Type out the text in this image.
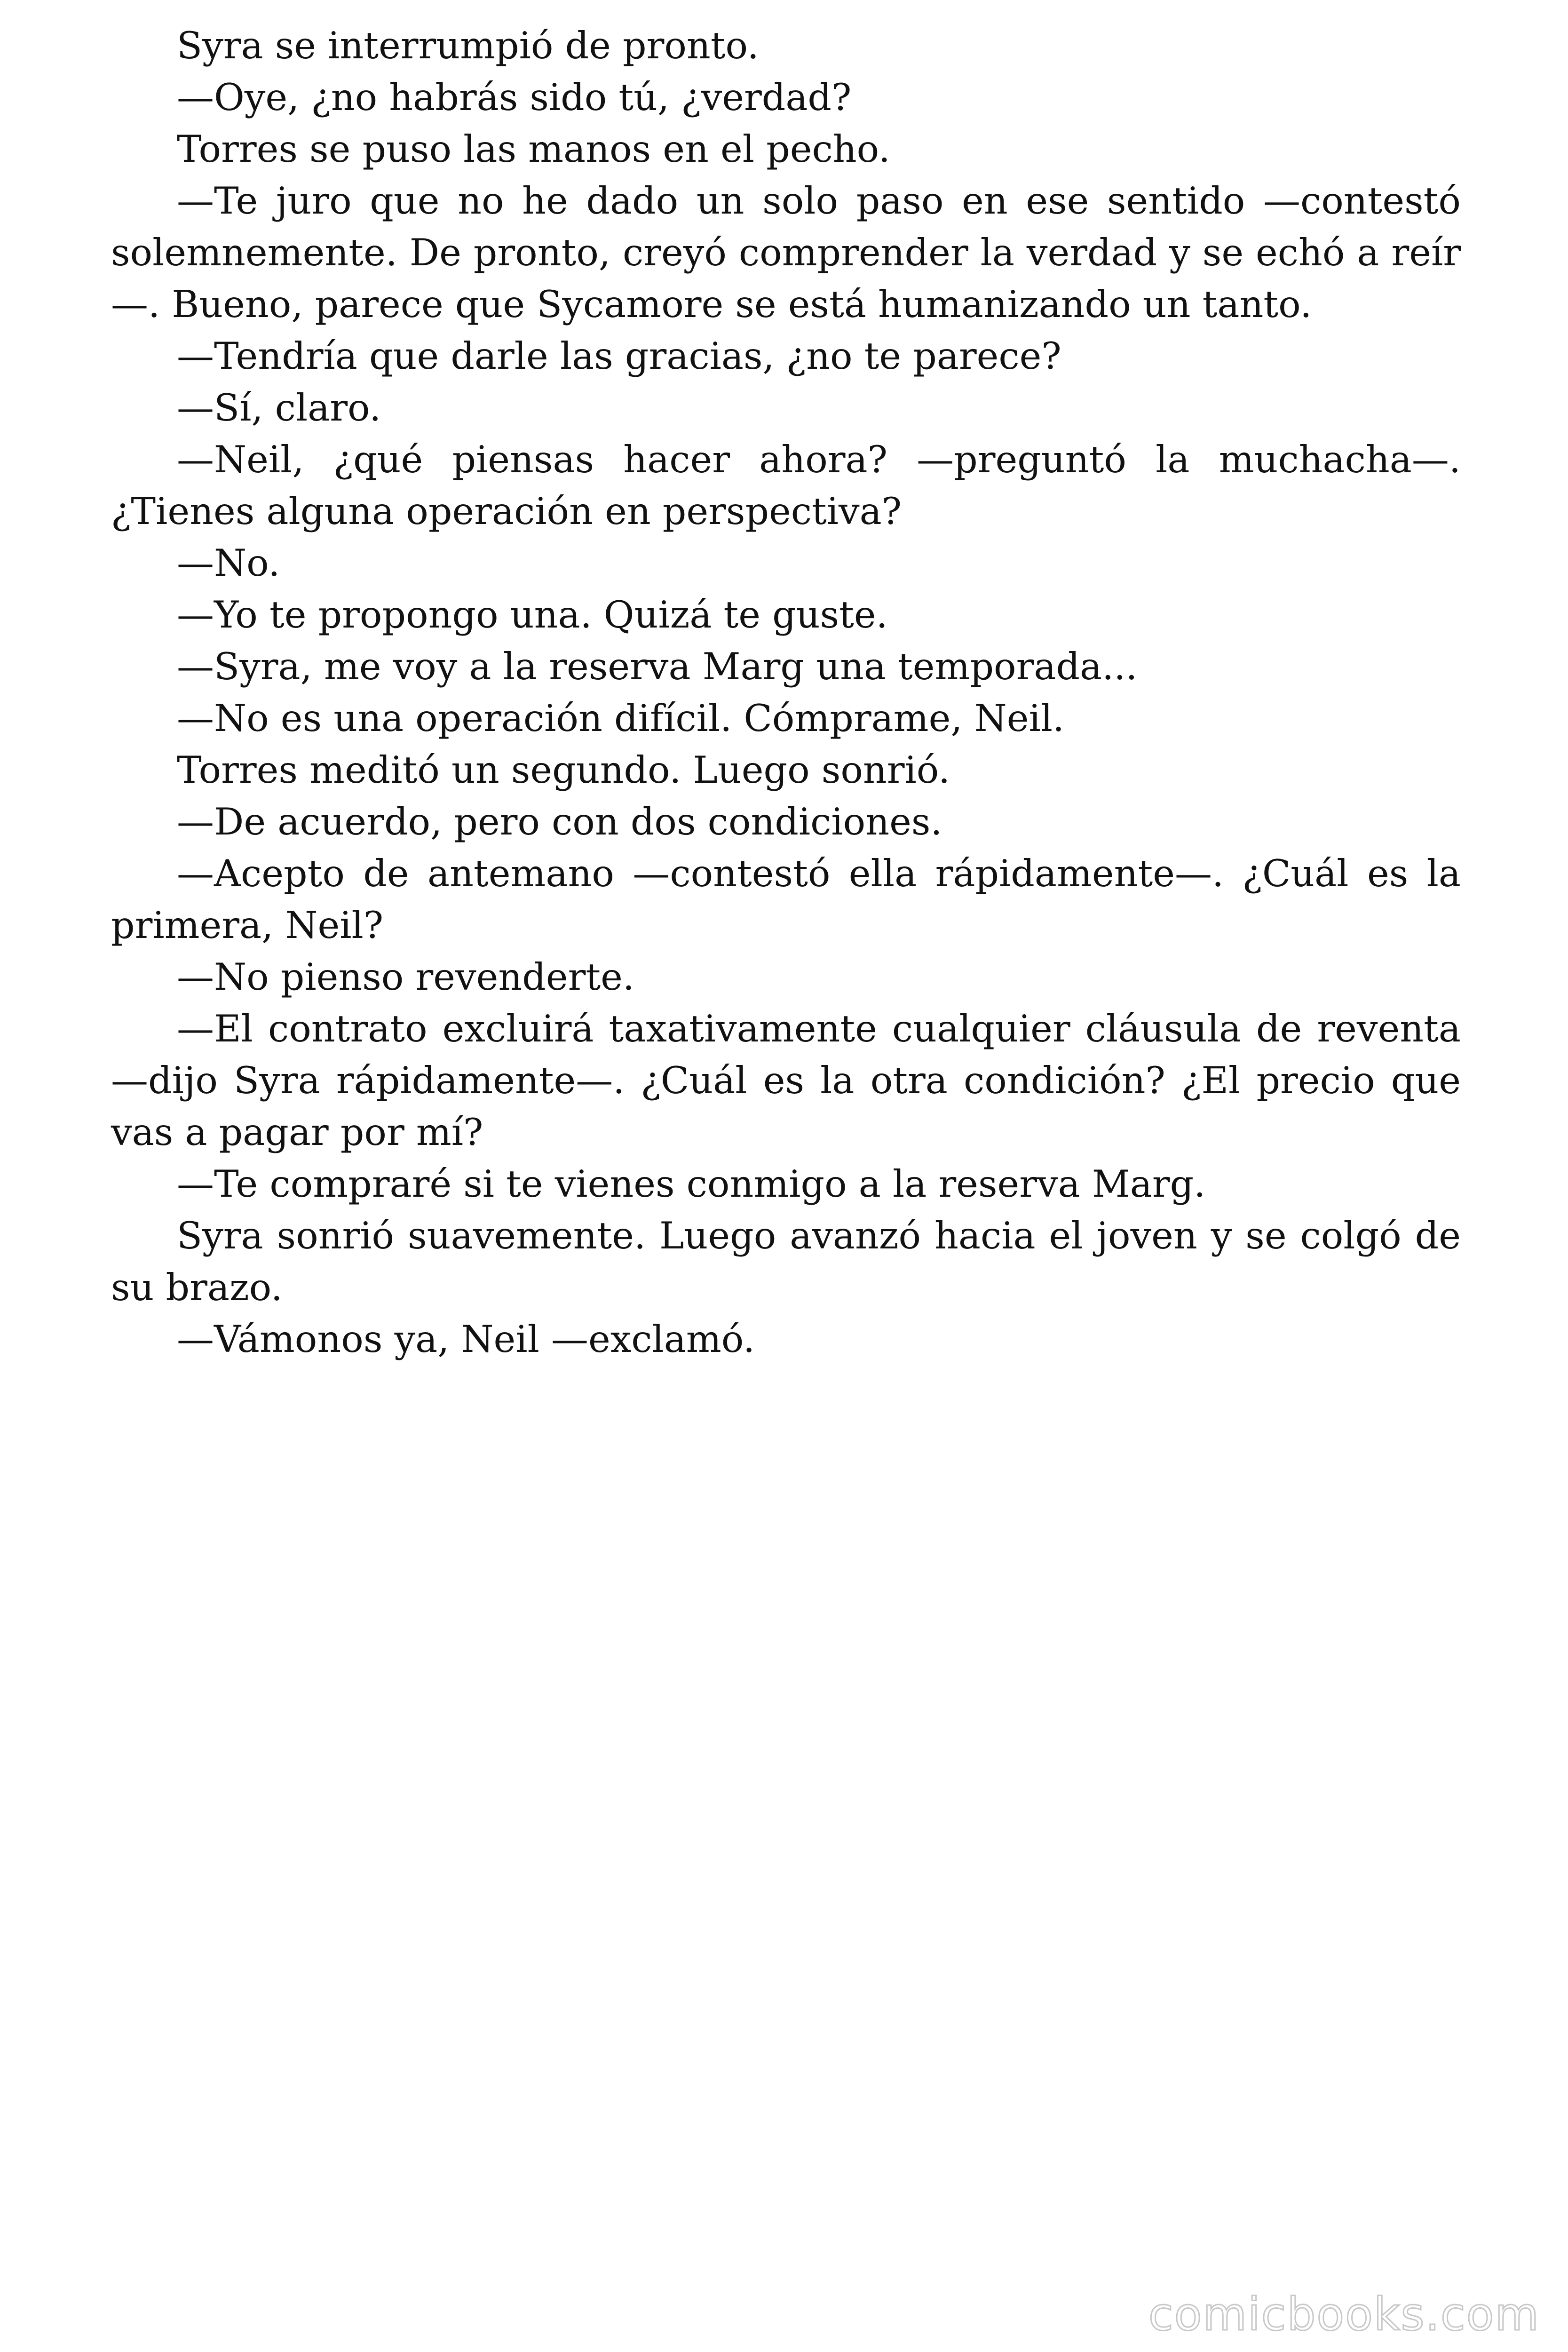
Syra se interrumpió de pronto.

—Oye, ¿no habrás sido tú, ¿verdad?

Torres se puso las manos en el pecho.

—Te juro que no he dado un solo paso en ese sentido —contestó solemnemente. De pronto, creyó comprender la verdad y se echó a reír—. Bueno, parece que Sycamore se está humanizando un tanto.

—Tendría que darle las gracias, ¿no te parece?

—Sí, claro.

—Neil, ¿qué piensas hacer ahora? —preguntó la muchacha—. ¿Tienes alguna operación en perspectiva?

—No.

—Yo te propongo una. Quizá te guste.

—Syra, me voy a la reserva Marg una temporada...

—No es una operación difícil. Cómprame, Neil.

Torres meditó un segundo. Luego sonrió.

—De acuerdo, pero con dos condiciones.

—Acepto de antemano —contestó ella rápidamente—. ¿Cuál es la primera, Neil?

—No pienso revenderte.

—El contrato excluirá taxativamente cualquier cláusula de reventa —dijo Syra rápidamente—. ¿Cuál es la otra condición? ¿El precio que vas a pagar por mí?

—Te compraré si te vienes conmigo a la reserva Marg.

Syra sonrió suavemente. Luego avanzó hacia el joven y se colgó de su brazo.

—Vámonos ya, Neil —exclamó.

comicbooks.com
